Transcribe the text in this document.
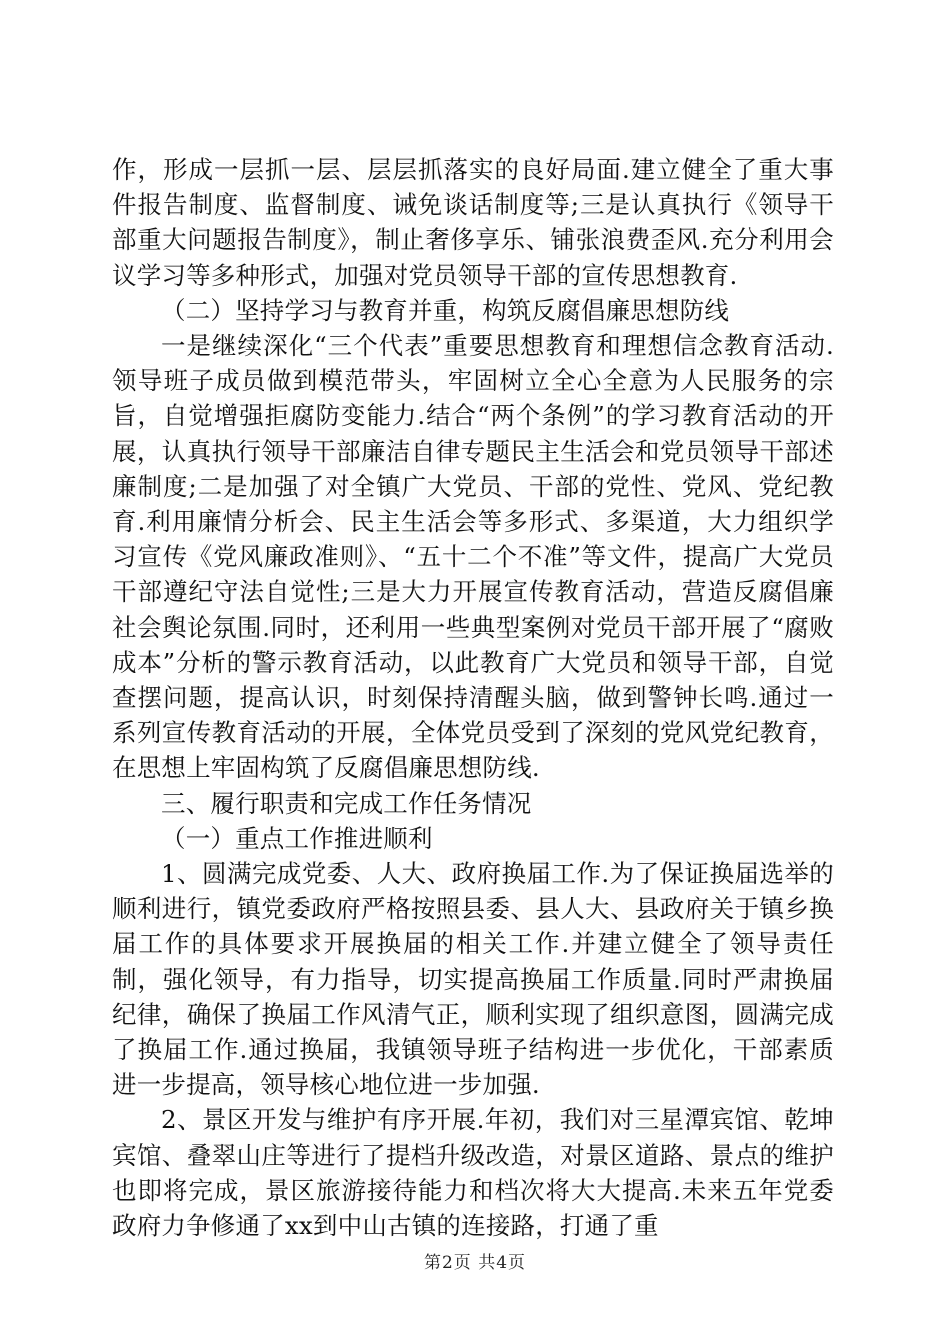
作，形成一层抓一层、层层抓落实的良好局面.建立健全了重大事件报告制度、监督制度、诫免谈话制度等;三是认真执行《领导干部重大问题报告制度》，制止奢侈享乐、铺张浪费歪风.充分利用会议学习等多种形式，加强对党员领导干部的宣传思想教育.

（二）坚持学习与教育并重，构筑反腐倡廉思想防线

一是继续深化“三个代表”重要思想教育和理想信念教育活动.领导班子成员做到模范带头，牢固树立全心全意为人民服务的宗旨，自觉增强拒腐防变能力.结合“两个条例”的学习教育活动的开展，认真执行领导干部廉洁自律专题民主生活会和党员领导干部述廉制度;二是加强了对全镇广大党员、干部的党性、党风、党纪教育.利用廉情分析会、民主生活会等多形式、多渠道，大力组织学习宣传《党风廉政准则》、“五十二个不准”等文件，提高广大党员干部遵纪守法自觉性;三是大力开展宣传教育活动，营造反腐倡廉社会舆论氛围.同时，还利用一些典型案例对党员干部开展了“腐败成本”分析的警示教育活动，以此教育广大党员和领导干部，自觉查摆问题，提高认识，时刻保持清醒头脑，做到警钟长鸣.通过一系列宣传教育活动的开展，全体党员受到了深刻的党风党纪教育，在思想上牢固构筑了反腐倡廉思想防线.

三、履行职责和完成工作任务情况

（一）重点工作推进顺利

1、圆满完成党委、人大、政府换届工作.为了保证换届选举的顺利进行，镇党委政府严格按照县委、县人大、县政府关于镇乡换届工作的具体要求开展换届的相关工作.并建立健全了领导责任制，强化领导，有力指导，切实提高换届工作质量.同时严肃换届纪律，确保了换届工作风清气正，顺利实现了组织意图，圆满完成了换届工作.通过换届，我镇领导班子结构进一步优化，干部素质进一步提高，领导核心地位进一步加强.

2、景区开发与维护有序开展.年初，我们对三星潭宾馆、乾坤宾馆、叠翠山庄等进行了提档升级改造，对景区道路、景点的维护也即将完成，景区旅游接待能力和档次将大大提高.未来五年党委政府力争修通了xx到中山古镇的连接路，打通了重

第2页 共4页
